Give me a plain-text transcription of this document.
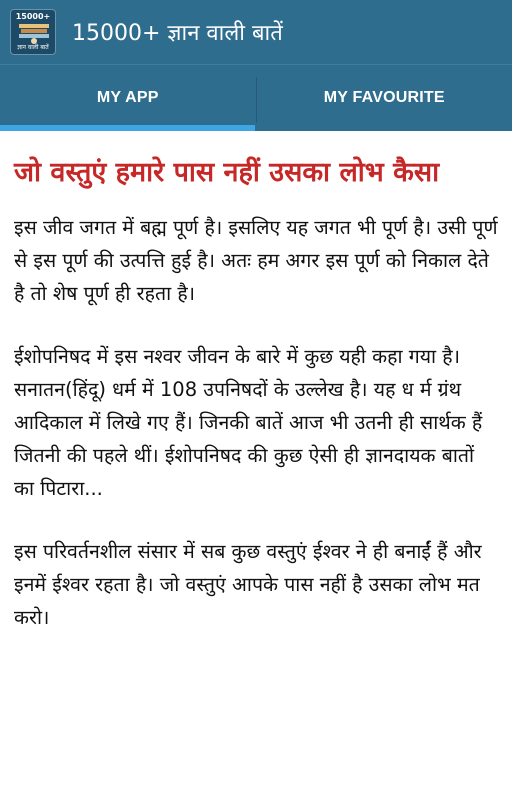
15000+
ज्ञान वाली बातें
15000+ ज्ञान वाली बातें
MY APP	MY FAVOURITE
जो वस्तुएं हमारे पास नहीं उसका लोभ कैसा

इस जीव जगत में बह्म पूर्ण है। इसलिए यह जगत भी पूर्ण है। उसी पूर्ण से इस पूर्ण की उत्पत्ति हुई है। अतः हम अगर इस पूर्ण को निकाल देते है तो शेष पूर्ण ही रहता है।

ईशोपनिषद में इस नश्वर जीवन के बारे में कुछ यही कहा गया है। सनातन(हिंदू) धर्म में 108 उपनिषदों के उल्लेख है। यह ध र्म ग्रंथ आदिकाल में लिखे गए हैं। जिनकी बातें आज भी उतनी ही सार्थक हैं जितनी की पहले थीं। ईशोपनिषद की कुछ ऐसी ही ज्ञानदायक बातों का पिटारा...

इस परिवर्तनशील संसार में सब कुछ वस्तुएं ईश्वर ने ही बनाईं हैं और इनमें ईश्वर रहता है। जो वस्तुएं आपके पास नहीं है उसका लोभ मत करो।
